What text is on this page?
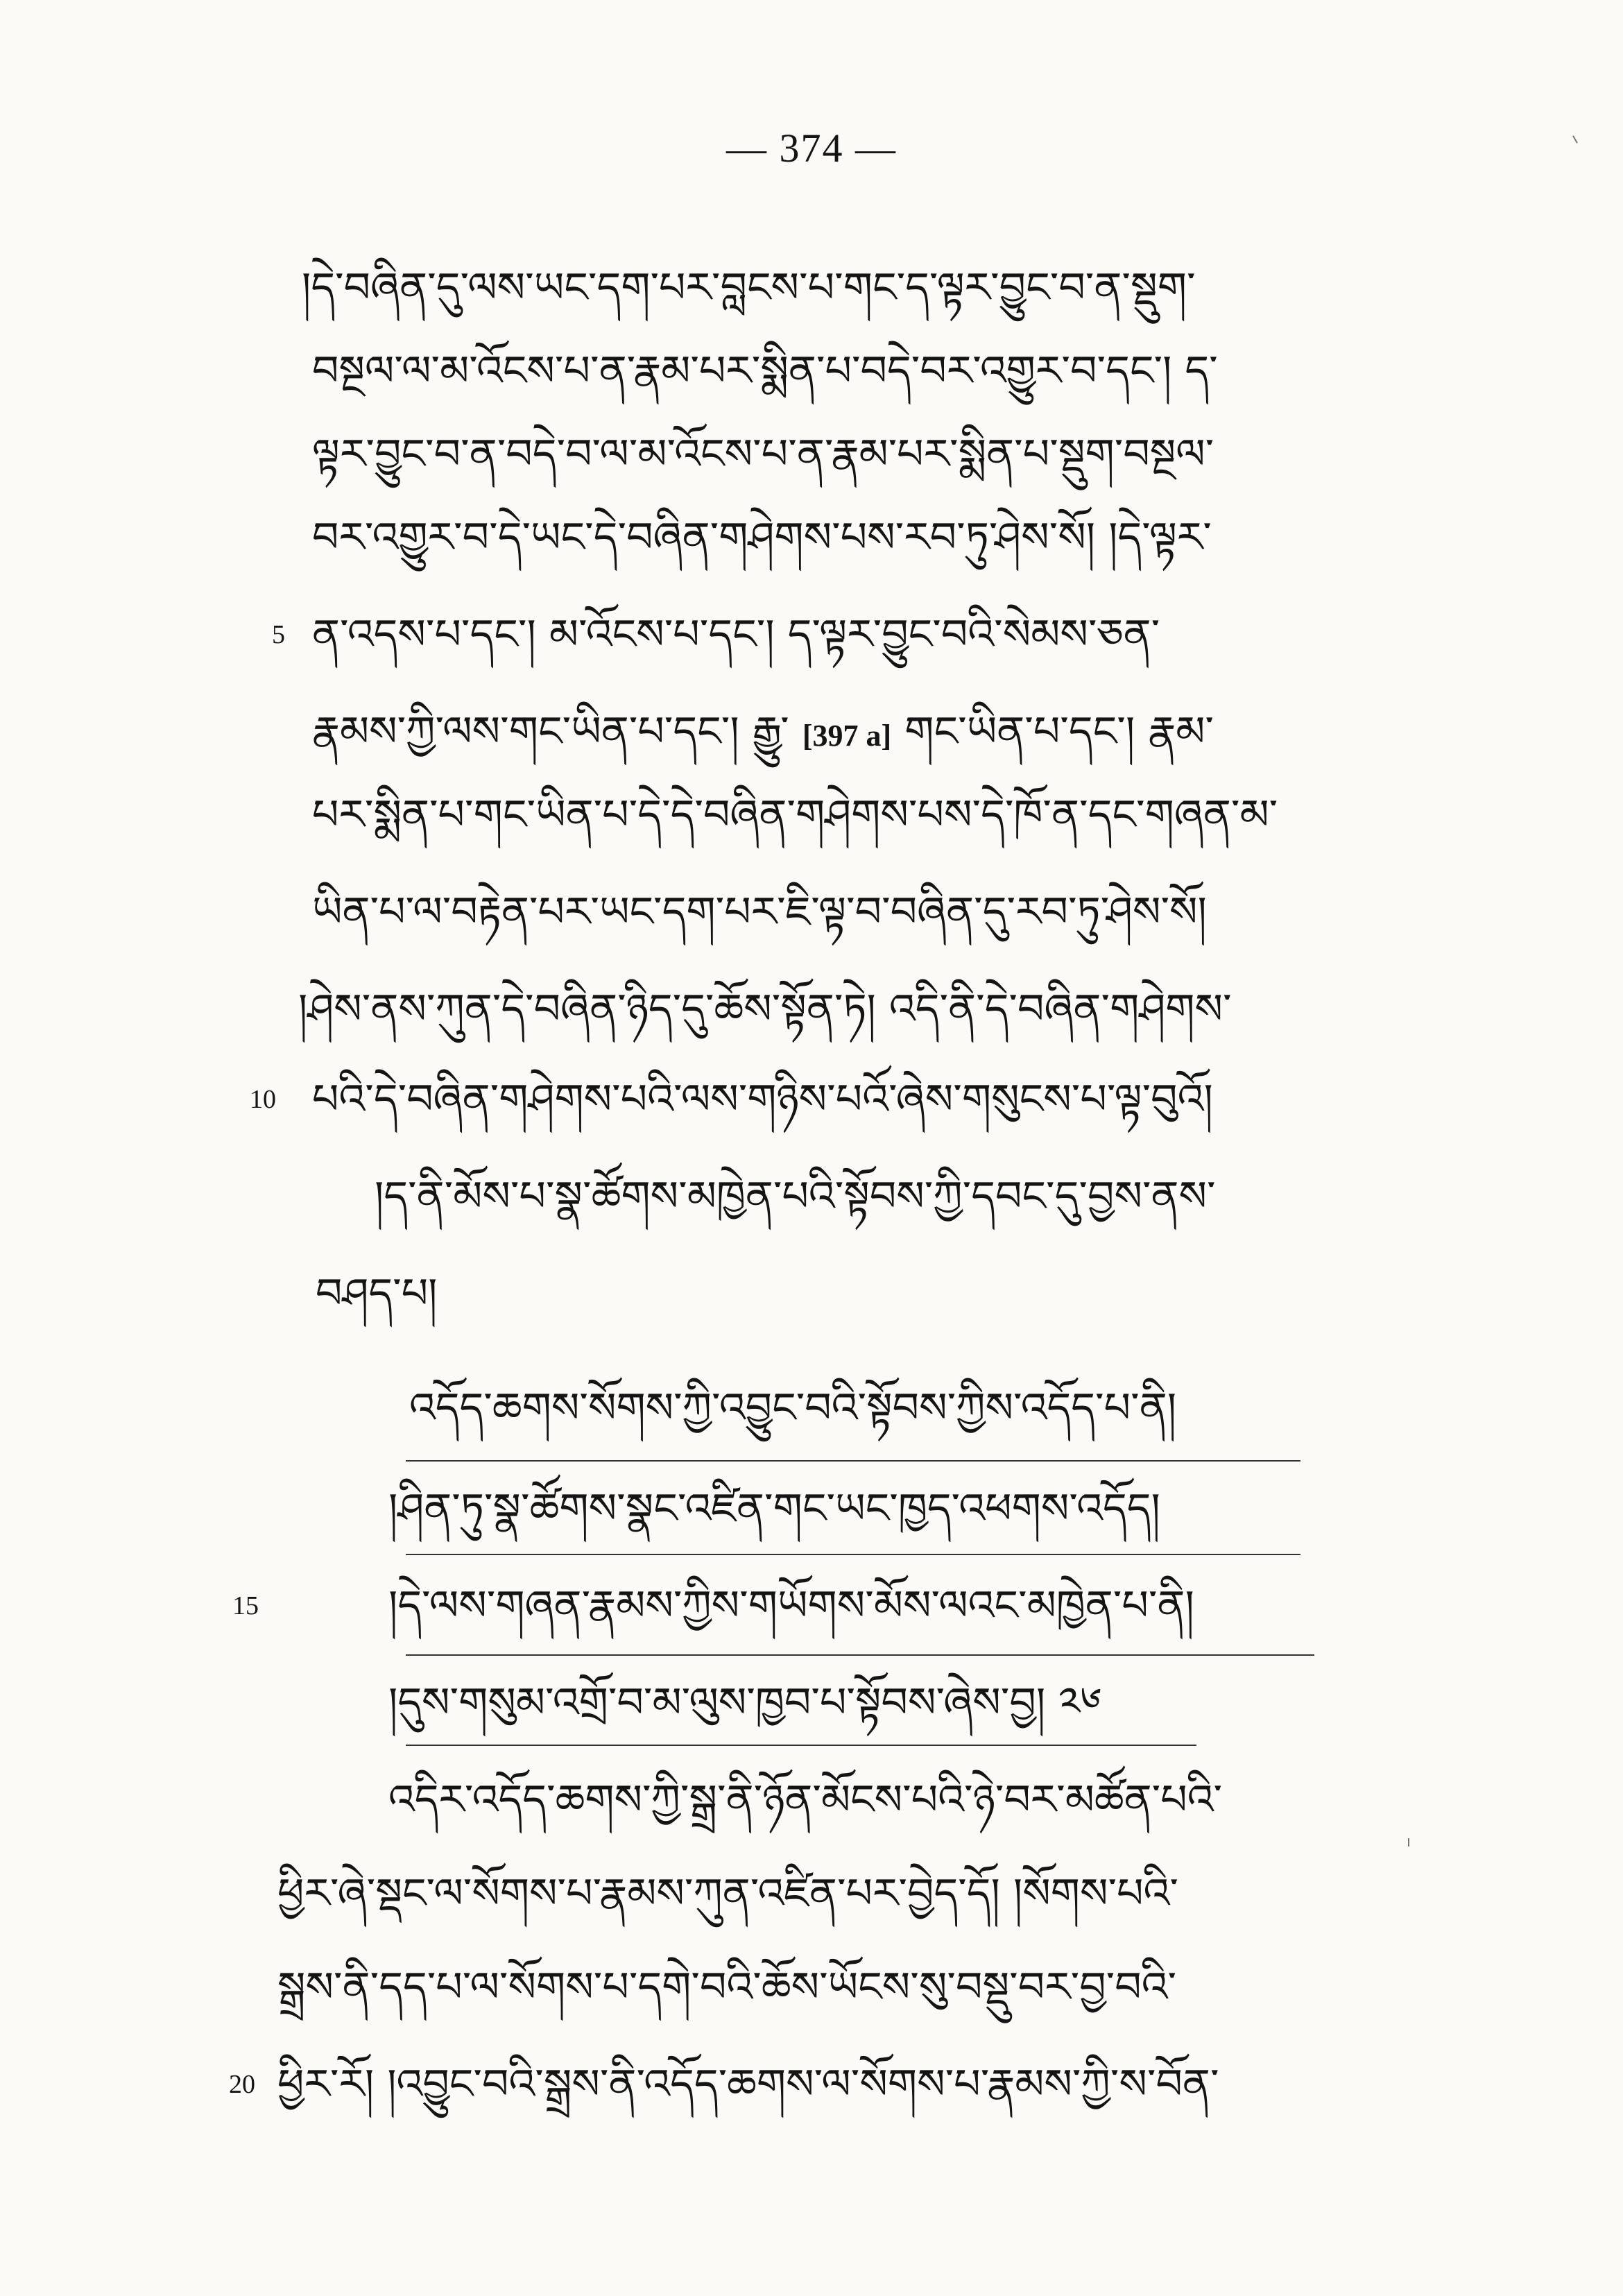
— 374 —
།དེ་བཞིན་དུ་ལས་ཡང་དག་པར་བླངས་པ་གང་ད་ལྟར་བྱུང་བ་ན་སྡུག་
བསྔལ་ལ་མ་འོངས་པ་ན་རྣམ་པར་སྨིན་པ་བདེ་བར་འགྱུར་བ་དང་། ད་
ལྟར་བྱུང་བ་ན་བདེ་བ་ལ་མ་འོངས་པ་ན་རྣམ་པར་སྨིན་པ་སྡུག་བསྔལ་
བར་འགྱུར་བ་དེ་ཡང་དེ་བཞིན་གཤེགས་པས་རབ་ཏུ་ཤེས་སོ། །དེ་ལྟར་
5 ན་འདས་པ་དང་། མ་འོངས་པ་དང་། ད་ལྟར་བྱུང་བའི་སེམས་ཅན་
རྣམས་ཀྱི་ལས་གང་ཡིན་པ་དང་། རྒྱུ་ [397 a] གང་ཡིན་པ་དང་། རྣམ་
པར་སྨིན་པ་གང་ཡིན་པ་དེ་དེ་བཞིན་གཤེགས་པས་དེ་ཁོ་ན་དང་གཞན་མ་
ཡིན་པ་ལ་བརྟེན་པར་ཡང་དག་པར་ཇི་ལྟ་བ་བཞིན་དུ་རབ་ཏུ་ཤེས་སོ།
།ཤེས་ནས་ཀུན་དེ་བཞིན་ཉིད་དུ་ཆོས་སྟོན་ཏེ། འདི་ནི་དེ་བཞིན་གཤེགས་
10 པའི་དེ་བཞིན་གཤེགས་པའི་ལས་གཉིས་པའོ་ཞེས་གསུངས་པ་ལྟ་བུའོ།
།ད་ནི་མོས་པ་སྣ་ཚོགས་མཁྱེན་པའི་སྟོབས་ཀྱི་དབང་དུ་བྱས་ནས་
བཤད་པ།
འདོད་ཆགས་སོགས་ཀྱི་འབྱུང་བའི་སྟོབས་ཀྱིས་འདོད་པ་ནི།
།ཤིན་ཏུ་སྣ་ཚོགས་སྣང་འཛིན་གང་ཡང་ཁྱད་འཕགས་འདོད།
15	།དེ་ལས་གཞན་རྣམས་ཀྱིས་གཡོགས་མོས་ལའང་མཁྱེན་པ་ནི།
།དུས་གསུམ་འགྲོ་བ་མ་ལུས་ཁྱབ་པ་སྟོབས་ཞེས་བྱ། ༢༦
འདིར་འདོད་ཆགས་ཀྱི་སྒྲ་ནི་ཉོན་མོངས་པའི་ཉེ་བར་མཚོན་པའི་
ཕྱིར་ཞེ་སྡང་ལ་སོགས་པ་རྣམས་ཀུན་འཛིན་པར་བྱེད་དོ། །སོགས་པའི་
སྒྲས་ནི་དད་པ་ལ་སོགས་པ་དགེ་བའི་ཆོས་ཡོངས་སུ་བསྡུ་བར་བྱ་བའི་
20 ཕྱིར་རོ། །འབྱུང་བའི་སྒྲས་ནི་འདོད་ཆགས་ལ་སོགས་པ་རྣམས་ཀྱི་ས་བོན་
